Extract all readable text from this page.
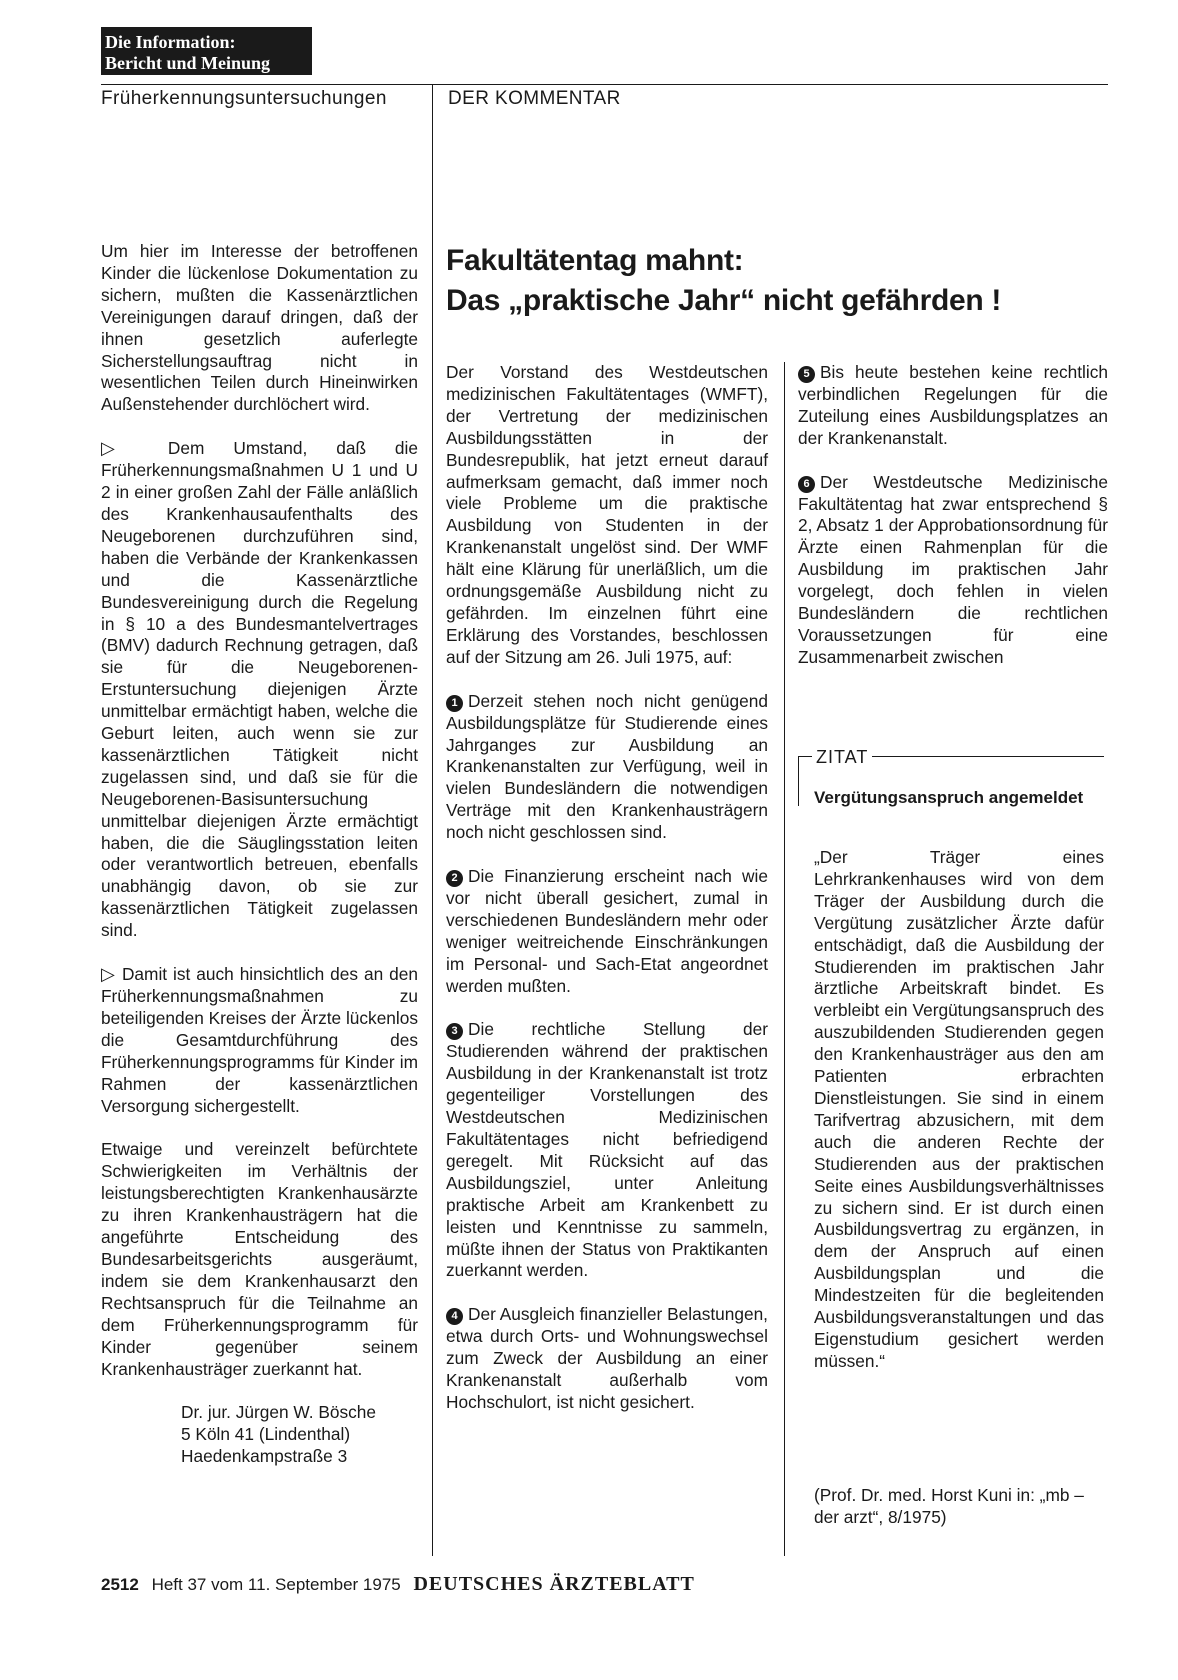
Die Information:
Bericht und Meinung
Früherkennungsuntersuchungen	DER KOMMENTAR
Fakultätentag mahnt:
Das „praktische Jahr“ nicht gefährden !

Um hier im Interesse der betroffenen Kinder die lückenlose Dokumentation zu sichern, mußten die Kassenärztlichen Vereinigungen darauf dringen, daß der ihnen gesetzlich auferlegte Sicherstellungsauftrag nicht in wesentlichen Teilen durch Hineinwirken Außenstehender durchlöchert wird.

▷ Dem Umstand, daß die Früherkennungsmaßnahmen U 1 und U 2 in einer großen Zahl der Fälle anläßlich des Krankenhausaufenthalts des Neugeborenen durchzuführen sind, haben die Verbände der Krankenkassen und die Kassenärztliche Bundesvereinigung durch die Regelung in § 10 a des Bundesmantelvertrages (BMV) dadurch Rechnung getragen, daß sie für die Neugeborenen-Erstuntersuchung diejenigen Ärzte unmittelbar ermächtigt haben, welche die Geburt leiten, auch wenn sie zur kassenärztlichen Tätigkeit nicht zugelassen sind, und daß sie für die Neugeborenen-Basisuntersuchung unmittelbar diejenigen Ärzte ermächtigt haben, die die Säuglingsstation leiten oder verantwortlich betreuen, ebenfalls unabhängig davon, ob sie zur kassenärztlichen Tätigkeit zugelassen sind.

▷ Damit ist auch hinsichtlich des an den Früherkennungsmaßnahmen zu beteiligenden Kreises der Ärzte lückenlos die Gesamtdurchführung des Früherkennungsprogramms für Kinder im Rahmen der kassenärztlichen Versorgung sichergestellt.

Etwaige und vereinzelt befürchtete Schwierigkeiten im Verhältnis der leistungsberechtigten Krankenhausärzte zu ihren Krankenhausträgern hat die angeführte Entscheidung des Bundesarbeitsgerichts ausgeräumt, indem sie dem Krankenhausarzt den Rechtsanspruch für die Teilnahme an dem Früherkennungsprogramm für Kinder gegenüber seinem Krankenhausträger zuerkannt hat.

Dr. jur. Jürgen W. Bösche
5 Köln 41 (Lindenthal)
Haedenkampstraße 3

Der Vorstand des Westdeutschen medizinischen Fakultätentages (WMFT), der Vertretung der medizinischen Ausbildungsstätten in der Bundesrepublik, hat jetzt erneut darauf aufmerksam gemacht, daß immer noch viele Probleme um die praktische Ausbildung von Studenten in der Krankenanstalt ungelöst sind. Der WMF hält eine Klärung für unerläßlich, um die ordnungsgemäße Ausbildung nicht zu gefährden. Im einzelnen führt eine Erklärung des Vorstandes, beschlossen auf der Sitzung am 26. Juli 1975, auf:

1 Derzeit stehen noch nicht genügend Ausbildungsplätze für Studierende eines Jahrganges zur Ausbildung an Krankenanstalten zur Verfügung, weil in vielen Bundesländern die notwendigen Verträge mit den Krankenhausträgern noch nicht geschlossen sind.

2 Die Finanzierung erscheint nach wie vor nicht überall gesichert, zumal in verschiedenen Bundesländern mehr oder weniger weitreichende Einschränkungen im Personal- und Sach-Etat angeordnet werden mußten.

3 Die rechtliche Stellung der Studierenden während der praktischen Ausbildung in der Krankenanstalt ist trotz gegenteiliger Vorstellungen des Westdeutschen Medizinischen Fakultätentages nicht befriedigend geregelt. Mit Rücksicht auf das Ausbildungsziel, unter Anleitung praktische Arbeit am Krankenbett zu leisten und Kenntnisse zu sammeln, müßte ihnen der Status von Praktikanten zuerkannt werden.

4 Der Ausgleich finanzieller Belastungen, etwa durch Orts- und Wohnungswechsel zum Zweck der Ausbildung an einer Krankenanstalt außerhalb vom Hochschulort, ist nicht gesichert.

5 Bis heute bestehen keine rechtlich verbindlichen Regelungen für die Zuteilung eines Ausbildungsplatzes an der Krankenanstalt.

6 Der Westdeutsche Medizinische Fakultätentag hat zwar entsprechend § 2, Absatz 1 der Approbationsordnung für Ärzte einen Rahmenplan für die Ausbildung im praktischen Jahr vorgelegt, doch fehlen in vielen Bundesländern die rechtlichen Voraussetzungen für eine Zusammenarbeit zwischen

ZITAT
Vergütungsanspruch angemeldet
„Der Träger eines Lehrkrankenhauses wird von dem Träger der Ausbildung durch die Vergütung zusätzlicher Ärzte dafür entschädigt, daß die Ausbildung der Studierenden im praktischen Jahr ärztliche Arbeitskraft bindet. Es verbleibt ein Vergütungsanspruch des auszubildenden Studierenden gegen den Krankenhausträger aus den am Patienten erbrachten Dienstleistungen. Sie sind in einem Tarifvertrag abzusichern, mit dem auch die anderen Rechte der Studierenden aus der praktischen Seite eines Ausbildungsverhältnisses zu sichern sind. Er ist durch einen Ausbildungsvertrag zu ergänzen, in dem der Anspruch auf einen Ausbildungsplan und die Mindestzeiten für die begleitenden Ausbildungsveranstaltungen und das Eigenstudium gesichert werden müssen.“
(Prof. Dr. med. Horst Kuni in: „mb – der arzt“, 8/1975)
2512 Heft 37 vom 11. September 1975 DEUTSCHES ÄRZTEBLATT
